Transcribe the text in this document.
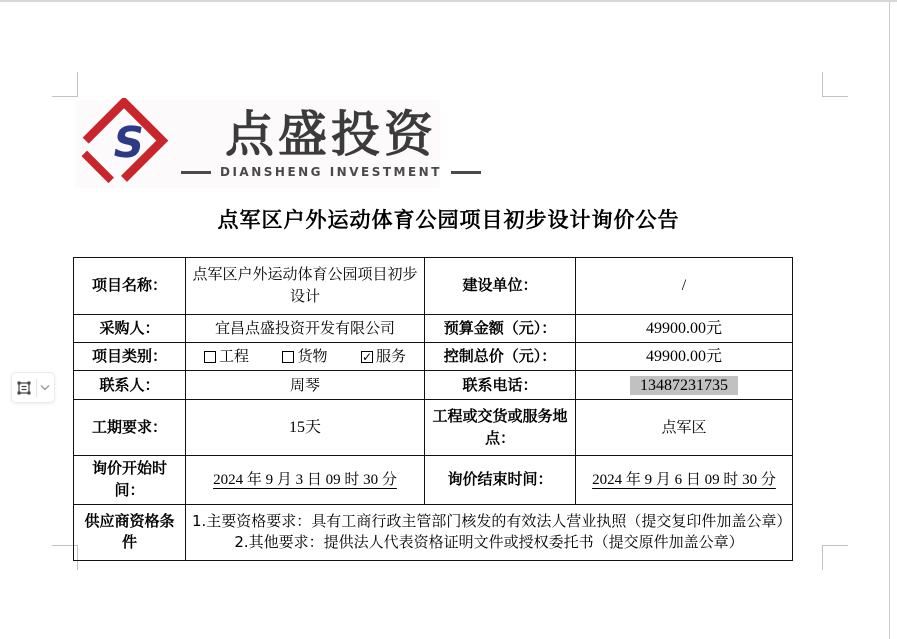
S 点盛投资
DIANSHENG INVESTMENT
点军区户外运动体育公园项目初步设计询价公告
项目名称：	点军区户外运动体育公园项目初步设计	建设单位：	/
采购人：	宜昌点盛投资开发有限公司	预算金额（元）：	49900.00元
项目类别：	工程 货物 ✓ 服务	控制总价（元）：	49900.00元
联系人：	周琴	联系电话：	13487231735
工期要求：	15天	工程或交货或服务地点：	点军区
询价开始时间：	2024 年 9 月 3 日 09 时 30 分	询价结束时间：	2024 年 9 月 6 日 09 时 30 分
供应商资格条件	1.主要资格要求：具有工商行政主管部门核发的有效法人营业执照（提交复印件加盖公章）
2.其他要求：提供法人代表资格证明文件或授权委托书（提交原件加盖公章）		
